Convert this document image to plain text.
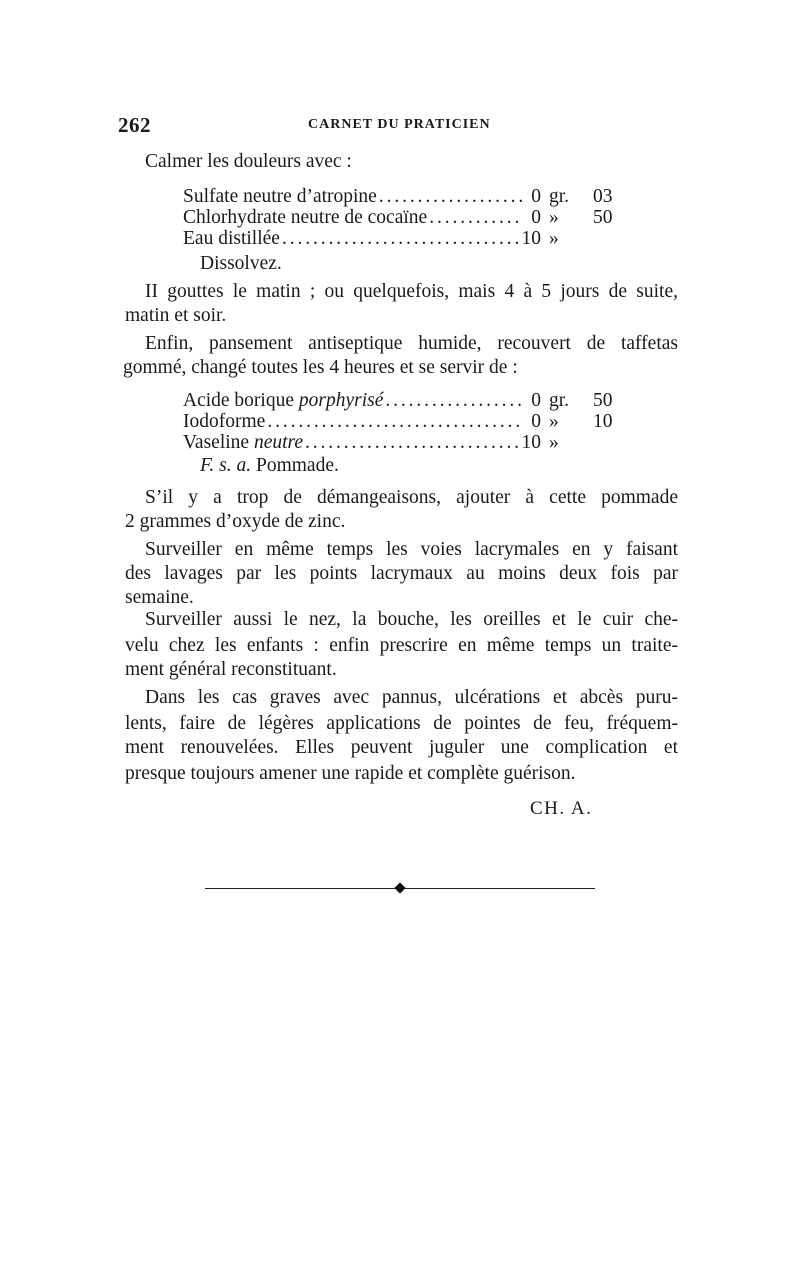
262	CARNET DU PRATICIEN
Calmer les douleurs avec :
Sulfate neutre d’atropine . . .	0 gr. 03
Chlorhydrate neutre de cocaïne . . .	0 » 50
Eau distillée . . .	10 »
Dissolvez.
II gouttes le matin ; ou quelquefois, mais 4 à 5 jours de suite,
matin et soir.
Enfin, pansement antiseptique humide, recouvert de taffetas
gommé, changé toutes les 4 heures et se servir de :
Acide borique
porphyrisé . . .	0 gr. 50
Iodoforme . . .	0 » 10
Vaseline
neutre . . .	10 »
F. s. a. Pommade.
S’il y a trop de démangeaisons, ajouter à cette pommade
2 grammes d’oxyde de zinc.
Surveiller en même temps les voies lacrymales en y faisant
des lavages par les points lacrymaux au moins deux fois par
semaine.
Surveiller aussi le nez, la bouche, les oreilles et le cuir che-
velu chez les enfants : enfin prescrire en même temps un traite-
ment général reconstituant.
Dans les cas graves avec pannus, ulcérations et abcès puru-
lents, faire de légères applications de pointes de feu, fréquem-
ment renouvelées. Elles peuvent juguler une complication et
presque toujours amener une rapide et complète guérison.
CH. A.
